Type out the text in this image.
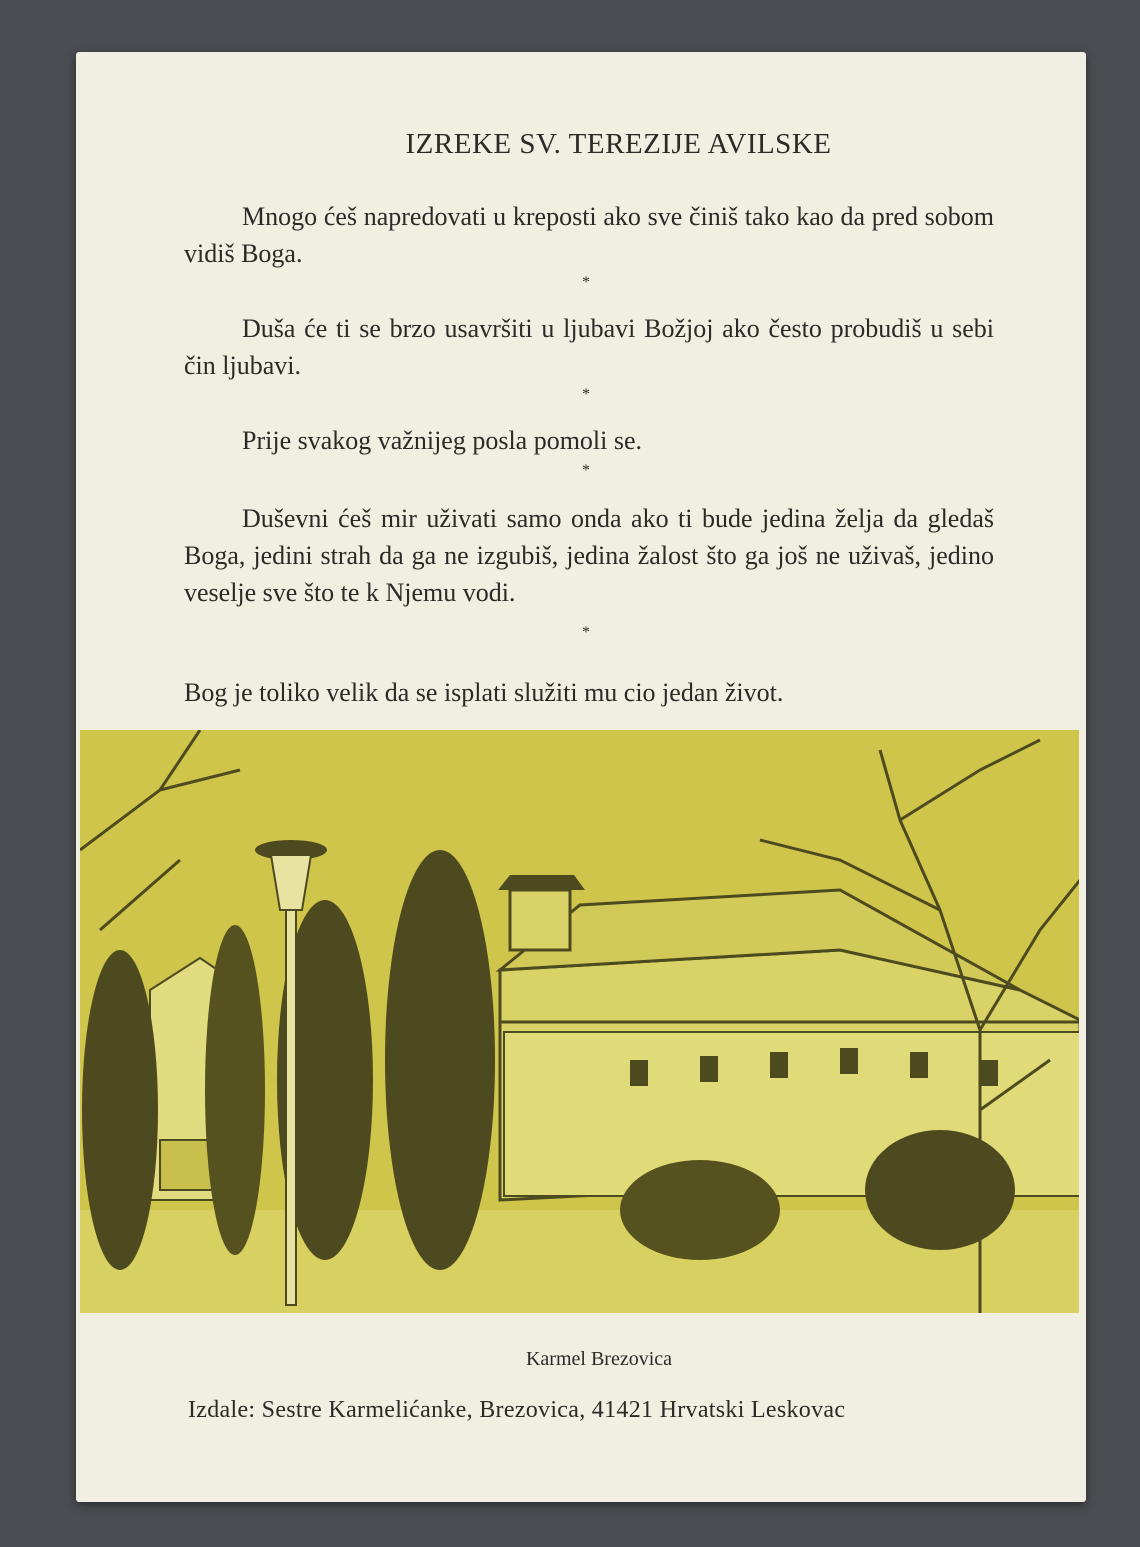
IZREKE SV. TEREZIJE AVILSKE

Mnogo ćeš napredovati u kreposti ako sve činiš tako kao da pred sobom vidiš Boga.

*

Duša će ti se brzo usavršiti u ljubavi Božjoj ako često probudiš u sebi čin ljubavi.

*

Prije svakog važnijeg posla pomoli se.

*

Duševni ćeš mir uživati samo onda ako ti bude jedina želja da gledaš Boga, jedini strah da ga ne izgubiš, jedina žalost što ga još ne uživaš, jedino veselje sve što te k Njemu vodi.

*

Bog je toliko velik da se isplati služiti mu cio jedan život.

Karmel Brezovica
Izdale: Sestre Karmelićanke, Brezovica, 41421 Hrvatski Leskovac
